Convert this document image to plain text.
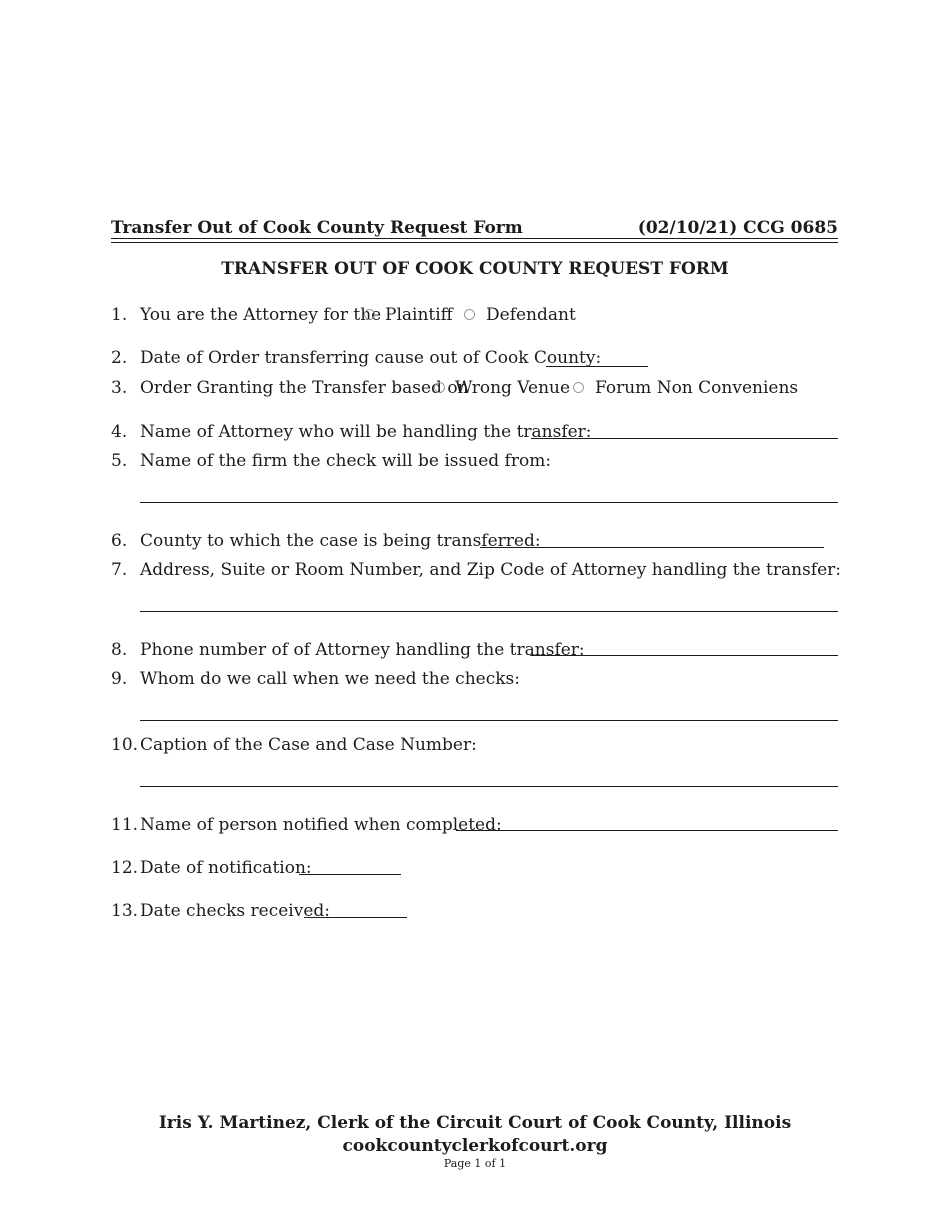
Transfer Out of Cook County Request Form	(02/10/21) CCG 0685
TRANSFER OUT OF COOK COUNTY REQUEST FORM
1. You are the Attorney for the Plaintiff Defendant
2. Date of Order transferring cause out of Cook County:
3. Order Granting the Transfer based on
Wrong Venue Forum Non Conveniens
4. Name of Attorney who will be handling the transfer:
5. Name of the firm the check will be issued from:
6. County to which the case is being transferred:
7. Address, Suite or Room Number, and Zip Code of Attorney handling the transfer:
8. Phone number of of Attorney handling the transfer:
9. Whom do we call when we need the checks:
10. Caption of the Case and Case Number:
11. Name of person notified when completed:
12. Date of notification:
13. Date checks received:
Iris Y. Martinez, Clerk of the Circuit Court of Cook County, Illinois
cookcountyclerkofcourt.org
Page 1 of 1
